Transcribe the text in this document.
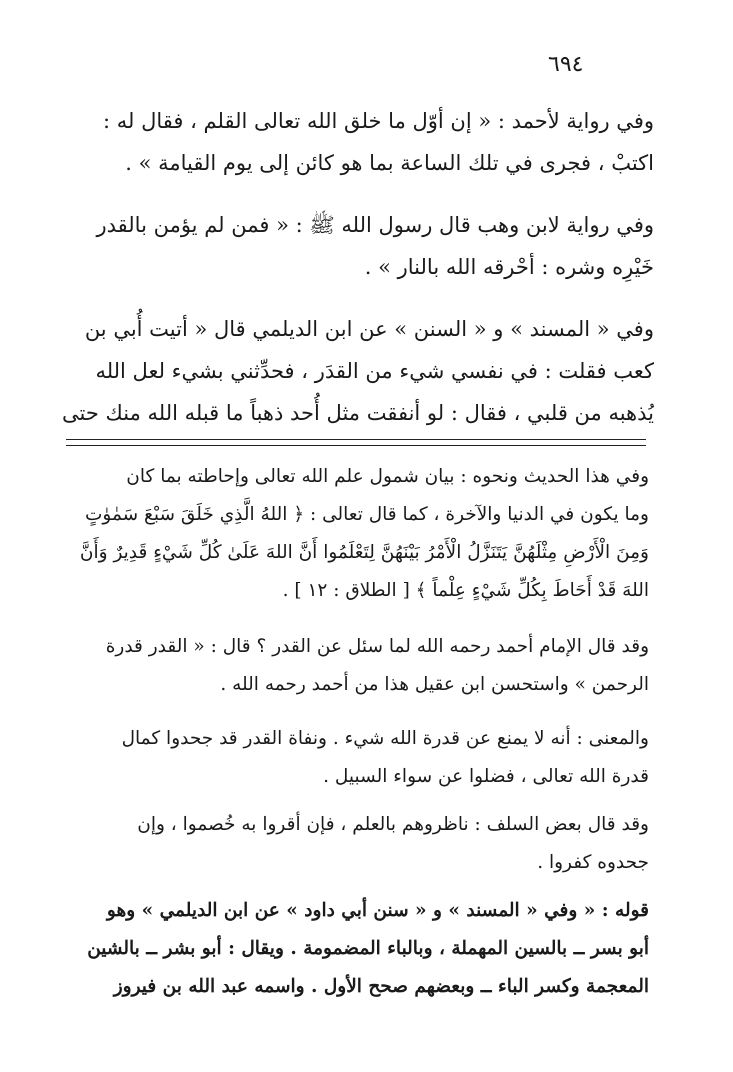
٦٩٤
وفي رواية لأحمد : « إن أوّل ما خلق الله تعالى القلم ، فقال له :
اكتبْ ، فجرى في تلك الساعة بما هو كائن إلى يوم القيامة » .
وفي رواية لابن وهب قال رسول الله ﷺ : « فمن لم يؤمن بالقدر
خَيْرِه وشره : أحْرقه الله بالنار » .
وفي « المسند » و « السنن » عن ابن الديلمي قال « أتيت أُبي بن
كعب فقلت : في نفسي شيء من القدَر ، فحدِّثني بشيء لعل الله
يُذهبه من قلبي ، فقال : لو أنفقت مثل أُحد ذهباً ما قبله الله منك حتى
وفي هذا الحديث ونحوه : بيان شمول علم الله تعالى وإحاطته بما كان
وما يكون في الدنيا والآخرة ، كما قال تعالى : ﴿ اللهُ الَّذِي خَلَقَ سَبْعَ سَمٰوٰتٍ
وَمِنَ الْأَرْضِ مِثْلَهُنَّ يَتَنَزَّلُ الْأَمْرُ بَيْنَهُنَّ لِتَعْلَمُوا أَنَّ اللهَ عَلَىٰ كُلِّ شَيْءٍ قَدِيرٌ وَأَنَّ
اللهَ قَدْ أَحَاطَ بِكُلِّ شَيْءٍ عِلْماً ﴾ [ الطلاق : ١٢ ] .
وقد قال الإمام أحمد رحمه الله لما سئل عن القدر ؟ قال : « القدر قدرة
الرحمن » واستحسن ابن عقيل هذا من أحمد رحمه الله .
والمعنى : أنه لا يمنع عن قدرة الله شيء . ونفاة القدر قد جحدوا كمال
قدرة الله تعالى ، فضلوا عن سواء السبيل .
وقد قال بعض السلف : ناظروهم بالعلم ، فإن أقروا به خُصموا ، وإن
جحدوه كفروا .
قوله : « وفي « المسند » و « سنن أبي داود » عن ابن الديلمي » وهو
أبو بسر ــ بالسين المهملة ، وبالباء المضمومة . ويقال : أبو بشر ــ بالشين
المعجمة وكسر الباء ــ وبعضهم صحح الأول . واسمه عبد الله بن فيروز
